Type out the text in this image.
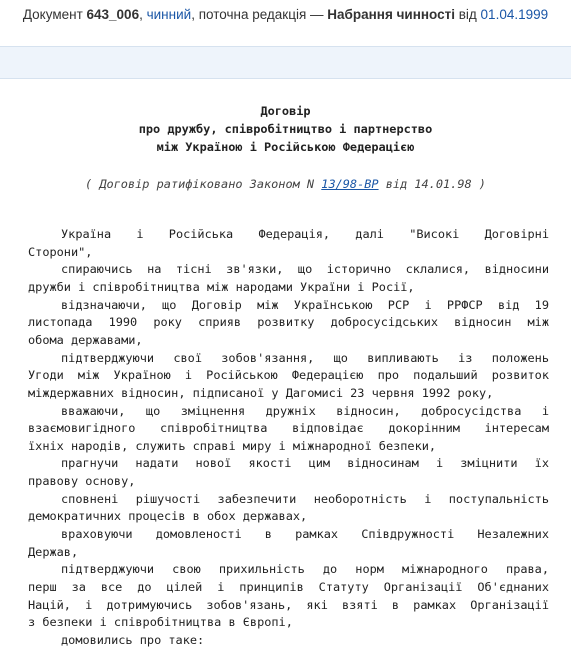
Документ 643_006, чинний, поточна редакція — Набрання чинності від 01.04.1999
Договір
про дружбу, співробітництво і партнерство
між Україною і Російською Федерацією
( Договір ратифіковано Законом N 13/98-ВР від 14.01.98 )
Україна і Російська Федерація, далі "Високі Договірні
Сторони",
спираючись на тісні зв'язки, що історично склалися, відносини
дружби і співробітництва між народами України і Росії,
відзначаючи, що Договір між Українською РСР і РРФСР від 19
листопада 1990 року сприяв розвитку добросусідських відносин між
обома державами,
підтверджуючи свої зобов'язання, що випливають із положень
Угоди між Україною і Російською Федерацією про подальший розвиток
міждержавних відносин, підписаної у Дагомисі 23 червня 1992 року,
вважаючи, що зміцнення дружніх відносин, добросусідства і
взаємовигідного співробітництва відповідає докорінним інтересам
їхніх народів, служить справі миру і міжнародної безпеки,
прагнучи надати нової якості цим відносинам і зміцнити їх
правову основу,
сповнені рішучості забезпечити необоротність і поступальність
демократичних процесів в обох державах,
враховуючи домовленості в рамках Співдружності Незалежних
Держав,
підтверджуючи свою прихильність до норм міжнародного права,
перш за все до цілей і принципів Статуту Організації Об'єднаних
Націй, і дотримуючись зобов'язань, які взяті в рамках Організації
з безпеки і співробітництва в Європі,
домовились про таке:
